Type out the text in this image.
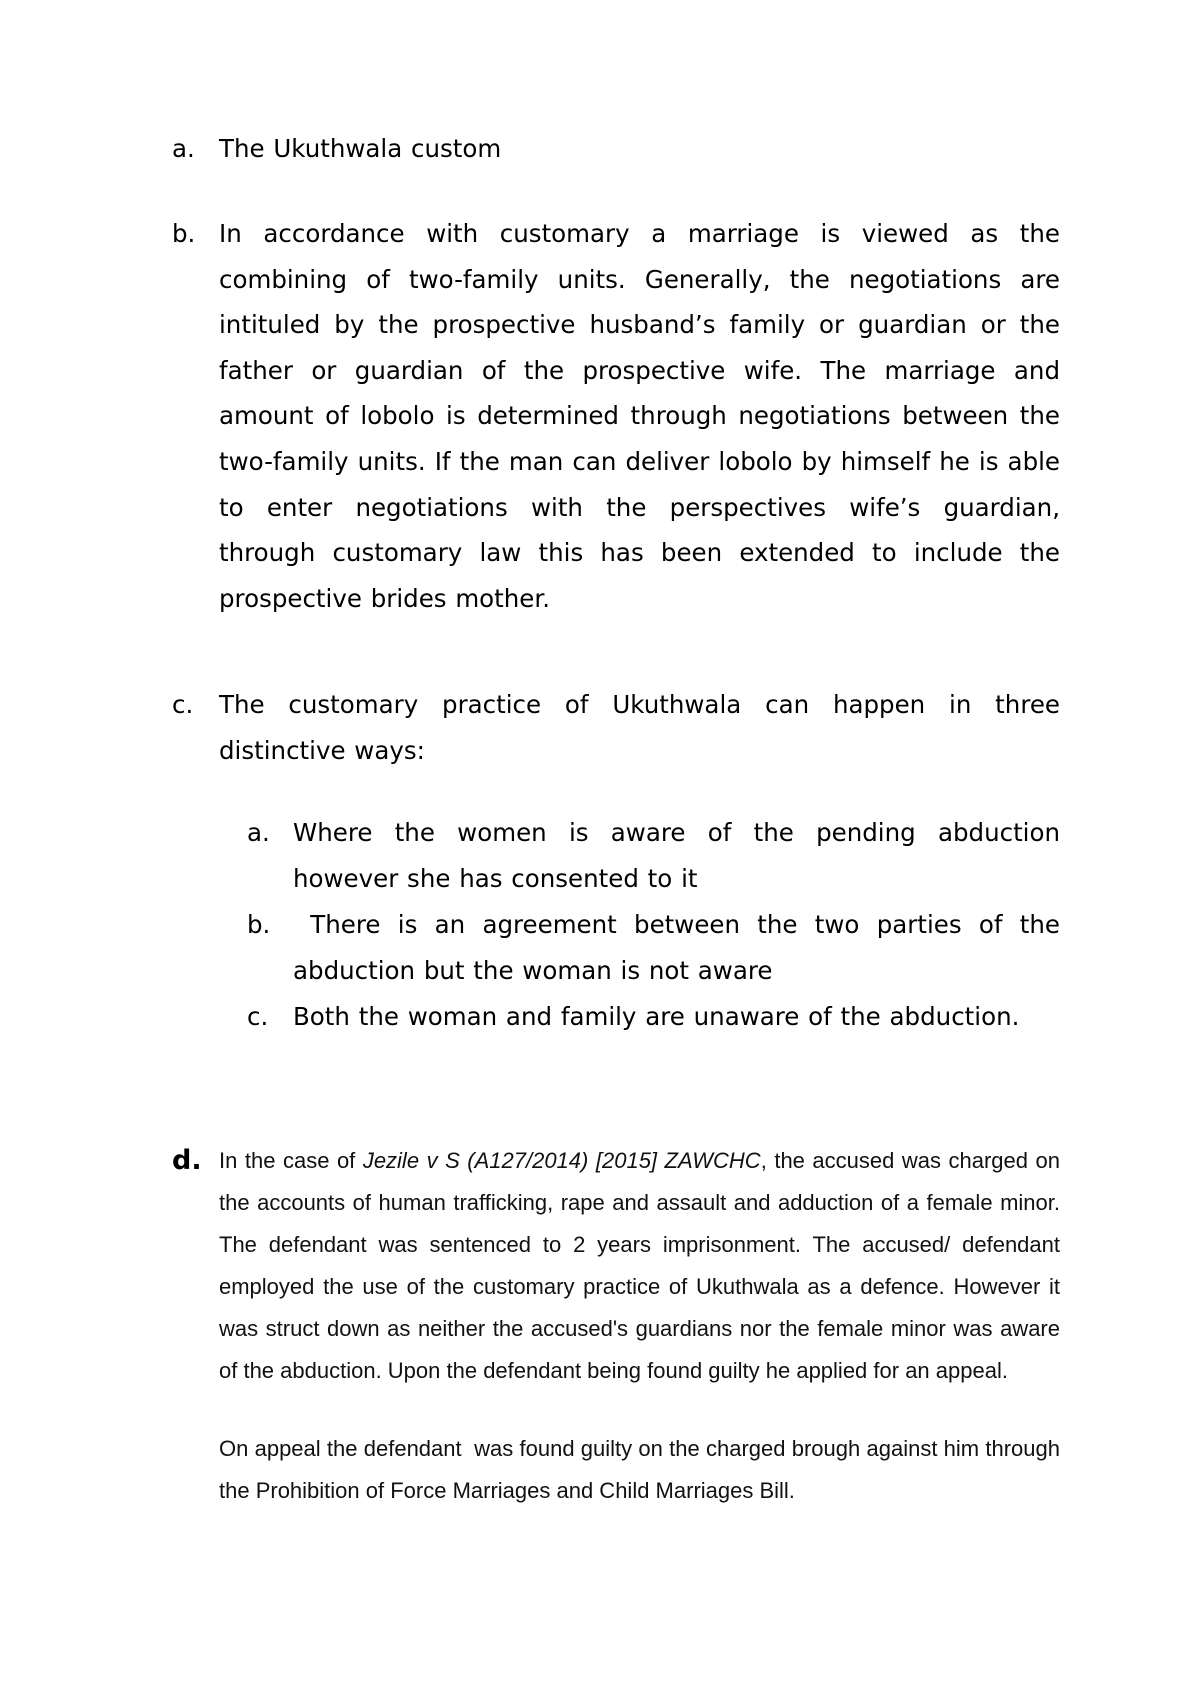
a. The Ukuthwala custom
b. In accordance with customary a marriage is viewed as the combining of two-family units. Generally, the negotiations are intituled by the prospective husband’s family or guardian or the father or guardian of the prospective wife. The marriage and amount of lobolo is determined through negotiations between the two-family units. If the man can deliver lobolo by himself he is able to enter negotiations with the perspectives wife’s guardian, through customary law this has been extended to include the prospective brides mother.
c. The customary practice of Ukuthwala can happen in three distinctive ways:
a. Where the women is aware of the pending abduction however she has consented to it
b. There is an agreement between the two parties of the abduction but the woman is not aware
c. Both the woman and family are unaware of the abduction.
d. In the case of Jezile v S (A127/2014) [2015] ZAWCHC, the accused was charged on the accounts of human trafficking, rape and assault and adduction of a female minor. The defendant was sentenced to 2 years imprisonment. The accused/ defendant employed the use of the customary practice of Ukuthwala as a defence. However it was struct down as neither the accused's guardians nor the female minor was aware of the abduction. Upon the defendant being found guilty he applied for an appeal.
On appeal the defendant  was found guilty on the charged brough against him through the Prohibition of Force Marriages and Child Marriages Bill.
